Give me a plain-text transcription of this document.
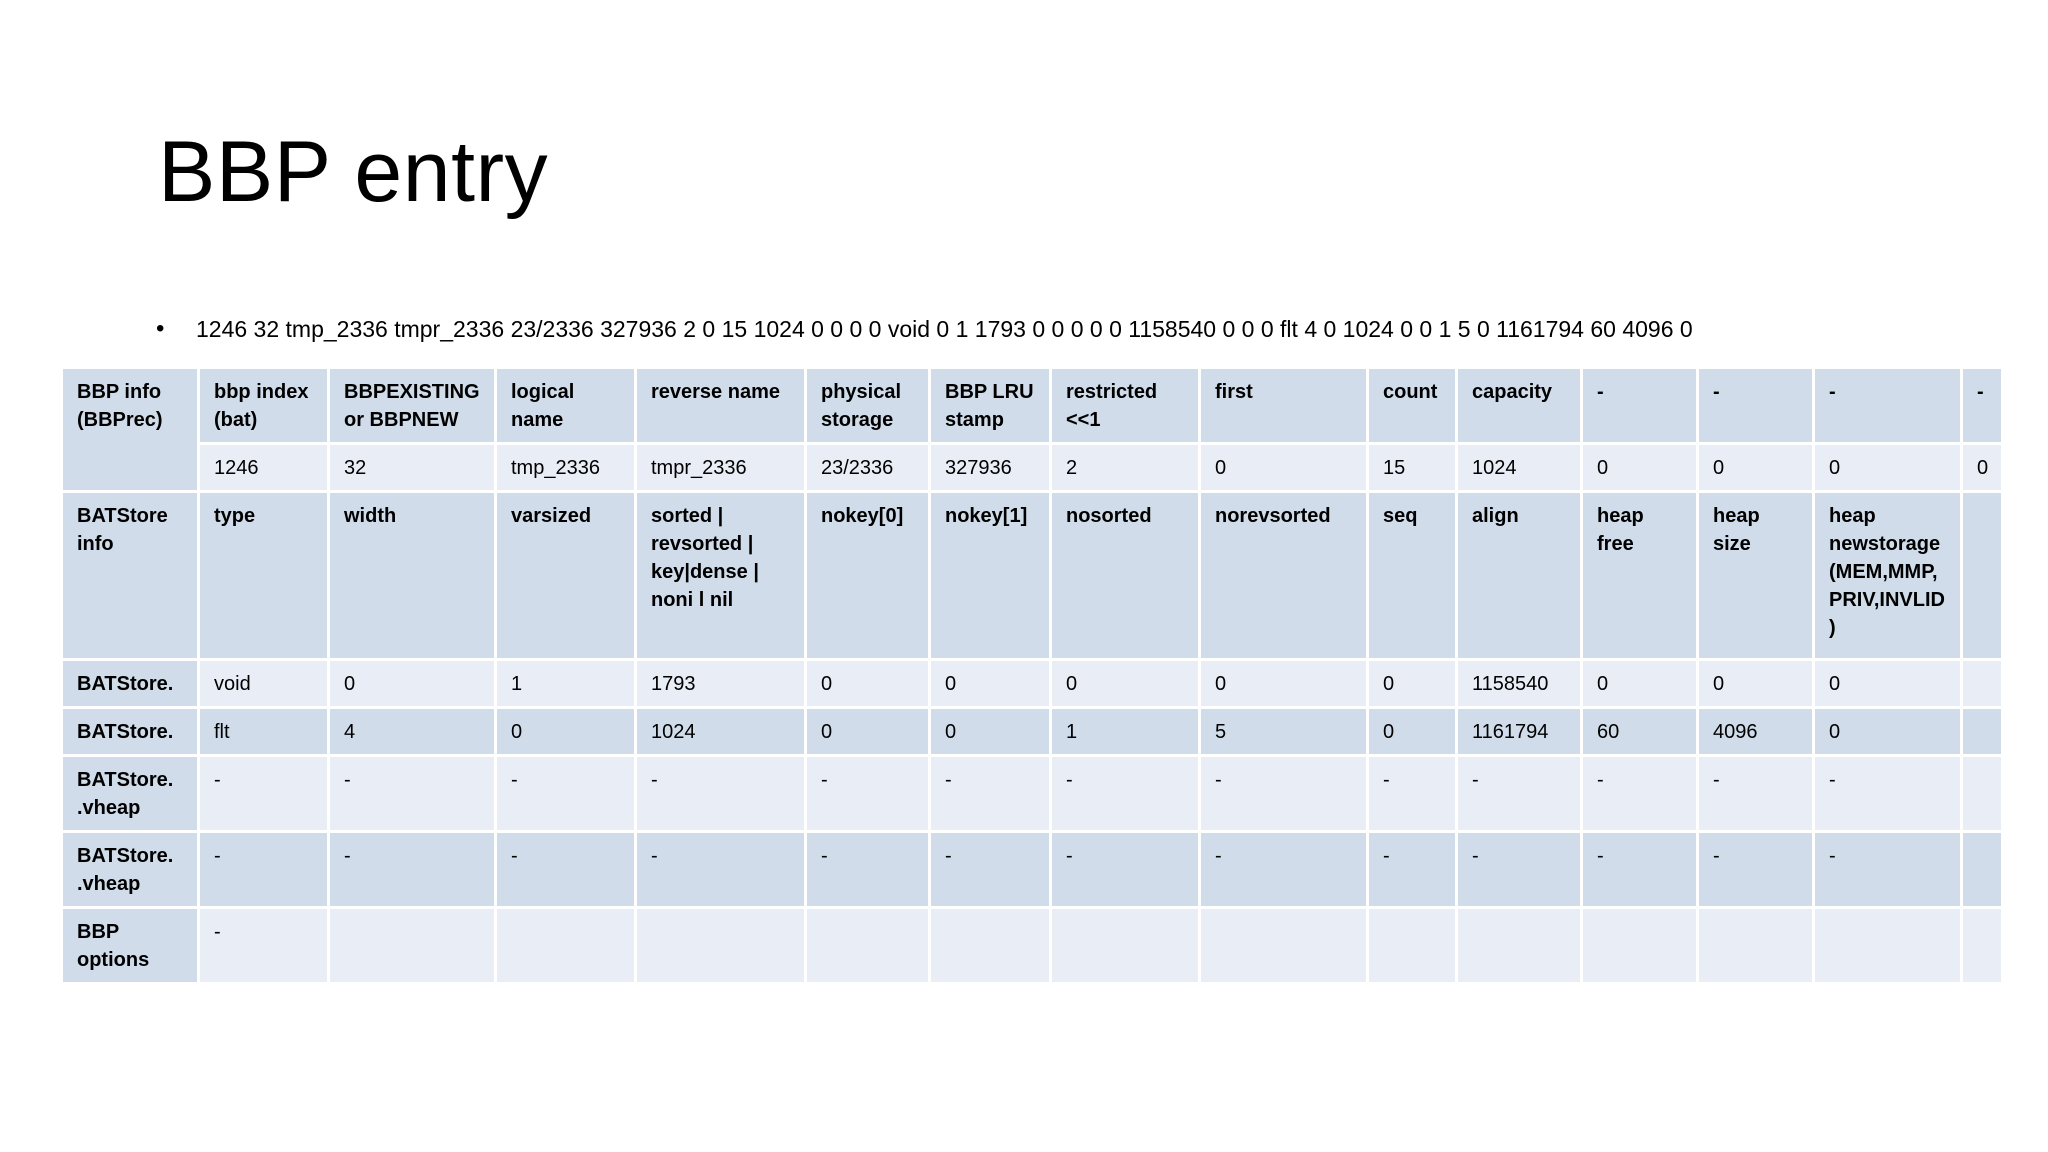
BBP entry
•	1246 32 tmp_2336 tmpr_2336 23/2336 327936 2 0 15 1024 0 0 0 0 void 0 1 1793 0 0 0 0 0 1158540 0 0 0 flt 4 0 1024 0 0 1 5 0 1161794 60 4096 0
BBP info (BBPrec)	bbp index (bat)	BBPEXISTING or BBPNEW	logical name	reverse name	physical storage	BBP LRU stamp	restricted <<1	first	count	capacity	-	-	-	-
	1246	32	tmp_2336	tmpr_2336	23/2336	327936	2	0	15	1024	0	0	0	0
BATStore info	type	width	varsized	sorted | revsorted | key|dense | noni l nil	nokey[0]	nokey[1]	nosorted	norevsorted	seq	align	heap free	heap size	heap newstorage (MEM,MMP,PRIV,INVLID)	
BATStore.	void	0	1	1793	0	0	0	0	0	1158540	0	0	0	
BATStore.	flt	4	0	1024	0	0	1	5	0	1161794	60	4096	0	
BATStore. .vheap	-	-	-	-	-	-	-	-	-	-	-	-	-	
BATStore. .vheap	-	-	-	-	-	-	-	-	-	-	-	-	-	
BBP options	-													
